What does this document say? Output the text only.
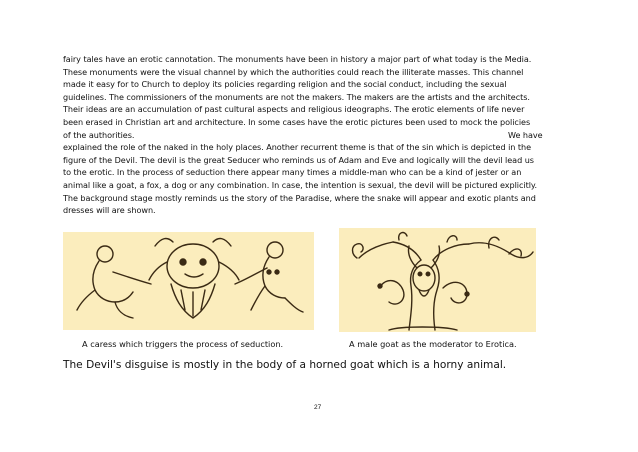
fairy tales have an erotic cannotation. The monuments have been in history a major part of what today is the Media.
These monuments were the visual channel by which the authorities could reach the illiterate masses. This channel
made it easy for to Church to deploy its policies regarding religion and the social conduct, including the sexual
guidelines. The commissioners of the monuments are not the makers. The makers are the artists and the architects.
Their ideas are an accumulation of past cultural aspects and religious ideographs. The erotic elements of life never
been erased in Christian art and architecture. In some cases have the erotic pictures been used to mock the policies
of the authorities.	We have
explained the role of the naked in the holy places. Another recurrent theme is that of the sin which is depicted in the
figure of the Devil. The devil is the great Seducer who reminds us of Adam and Eve and logically will the devil lead us
to the erotic. In the process of seduction there appear many times a middle-man who can be a kind of jester or an
animal like a goat, a fox, a dog or any combination. In case, the intention is sexual, the devil will be pictured explicitly.
The background stage mostly reminds us the story of the Paradise, where the snake will appear and exotic plants and
dresses will are shown.
A caress which triggers the process of seduction.	A male goat as the moderator to Erotica.
The Devil's disguise is mostly in the body of a horned goat which is a horny animal.
27
